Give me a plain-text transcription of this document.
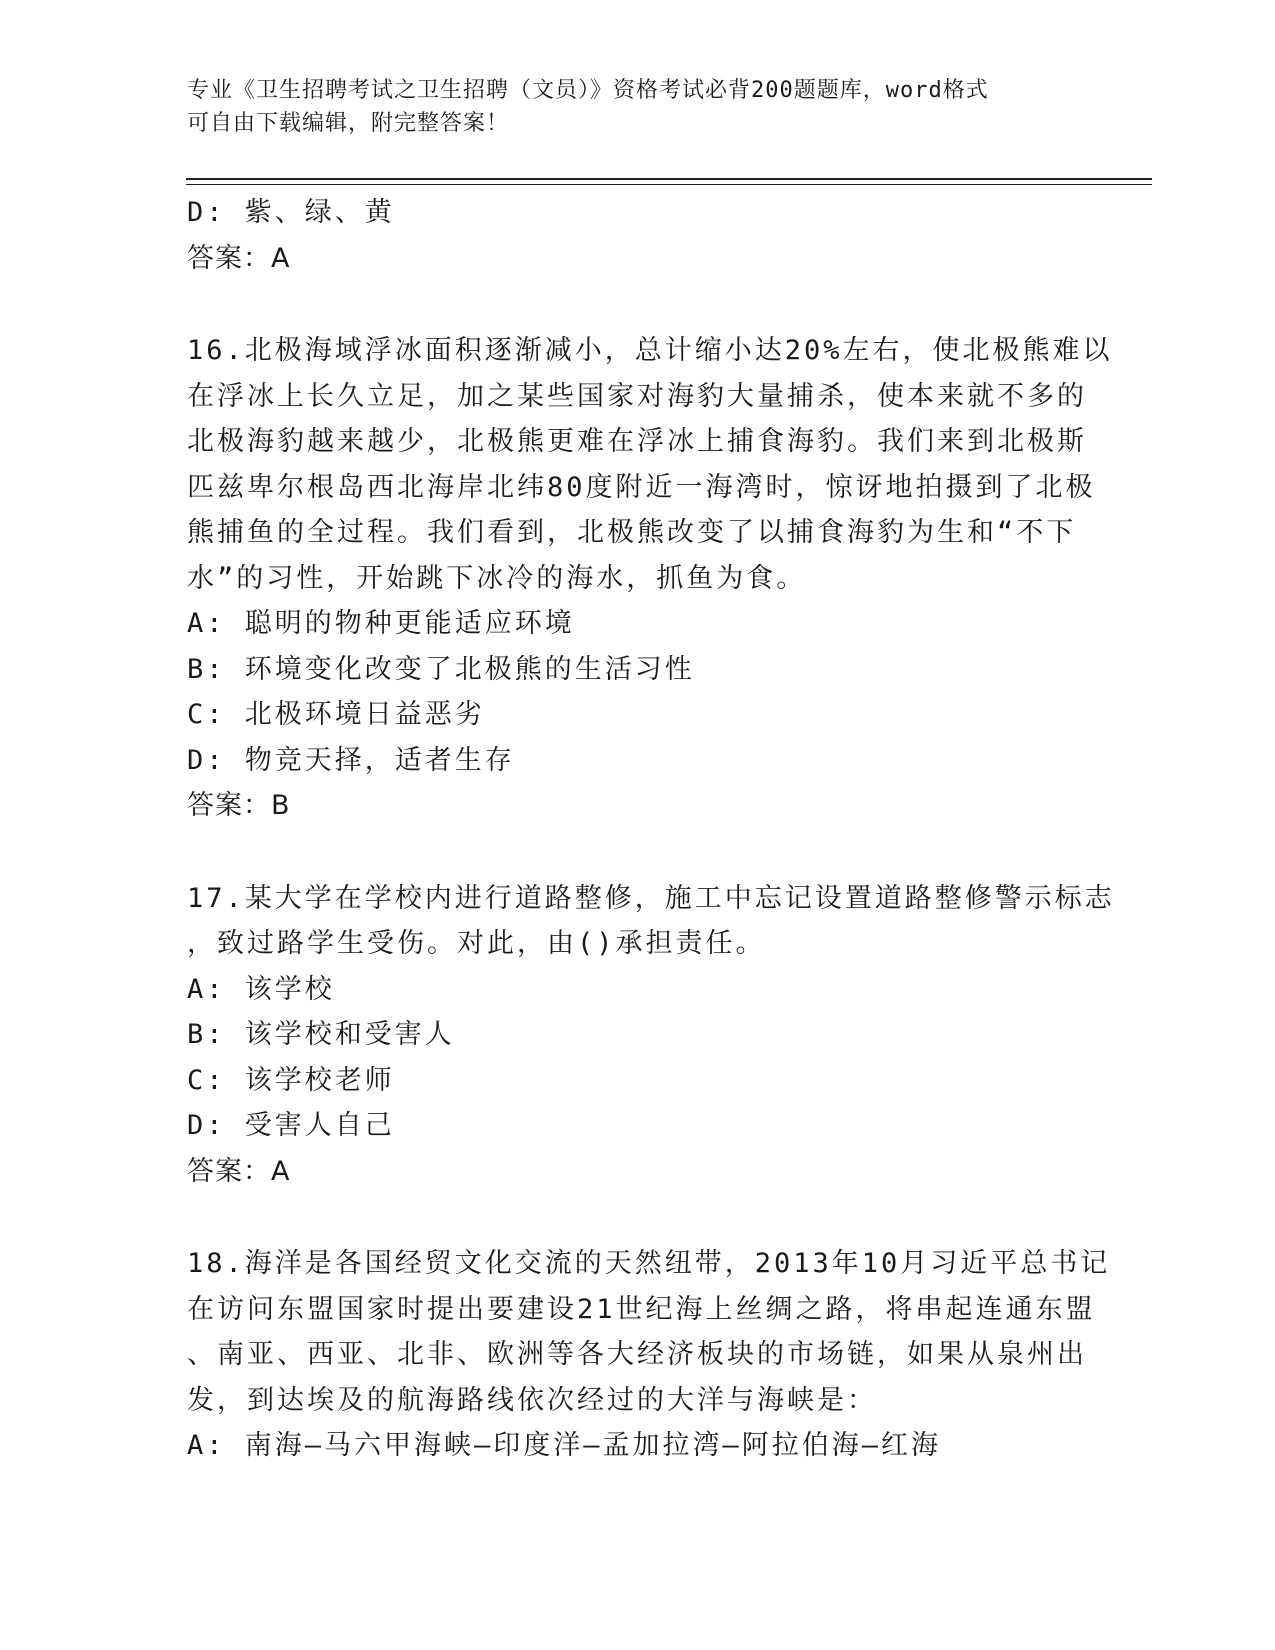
专业《卫生招聘考试之卫生招聘（文员）》资格考试必背200题题库，word格式
可自由下载编辑，附完整答案！
D: 紫、绿、黄
答案：A
16.北极海域浮冰面积逐渐减小，总计缩小达20%左右，使北极熊难以
在浮冰上长久立足，加之某些国家对海豹大量捕杀，使本来就不多的
北极海豹越来越少，北极熊更难在浮冰上捕食海豹。我们来到北极斯
匹兹卑尔根岛西北海岸北纬80度附近一海湾时，惊讶地拍摄到了北极
熊捕鱼的全过程。我们看到，北极熊改变了以捕食海豹为生和“不下
水”的习性，开始跳下冰冷的海水，抓鱼为食。
A: 聪明的物种更能适应环境
B: 环境变化改变了北极熊的生活习性
C: 北极环境日益恶劣
D: 物竞天择，适者生存
答案：B
17.某大学在学校内进行道路整修，施工中忘记设置道路整修警示标志
，致过路学生受伤。对此，由()承担责任。
A: 该学校
B: 该学校和受害人
C: 该学校老师
D: 受害人自己
答案：A
18.海洋是各国经贸文化交流的天然纽带，2013年10月习近平总书记
在访问东盟国家时提出要建设21世纪海上丝绸之路，将串起连通东盟
、南亚、西亚、北非、欧洲等各大经济板块的市场链，如果从泉州出
发，到达埃及的航海路线依次经过的大洋与海峡是：
A: 南海—马六甲海峡—印度洋—孟加拉湾—阿拉伯海—红海
